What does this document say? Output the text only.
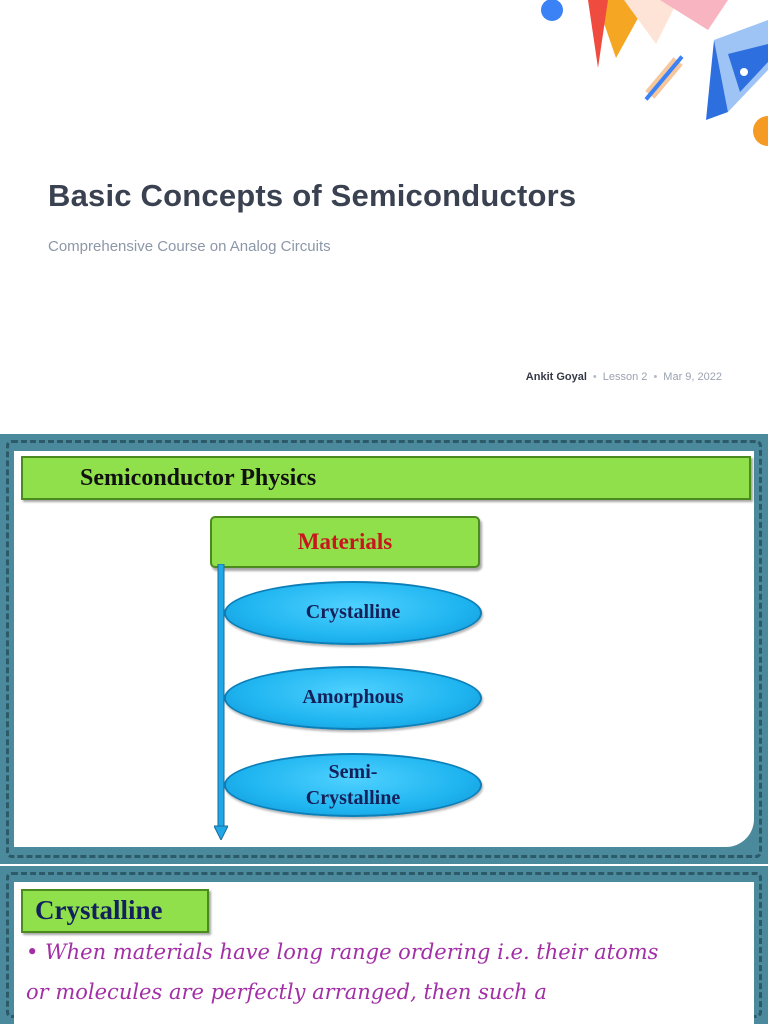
Basic Concepts of Semiconductors
Comprehensive Course on Analog Circuits
Ankit Goyal • Lesson 2 • Mar 9, 2022
Semiconductor Physics
Materials
Crystalline
Amorphous
Semi-
Crystalline
Crystalline
• When materials have long range ordering i.e. their atoms
or molecules are perfectly arranged, then such a
